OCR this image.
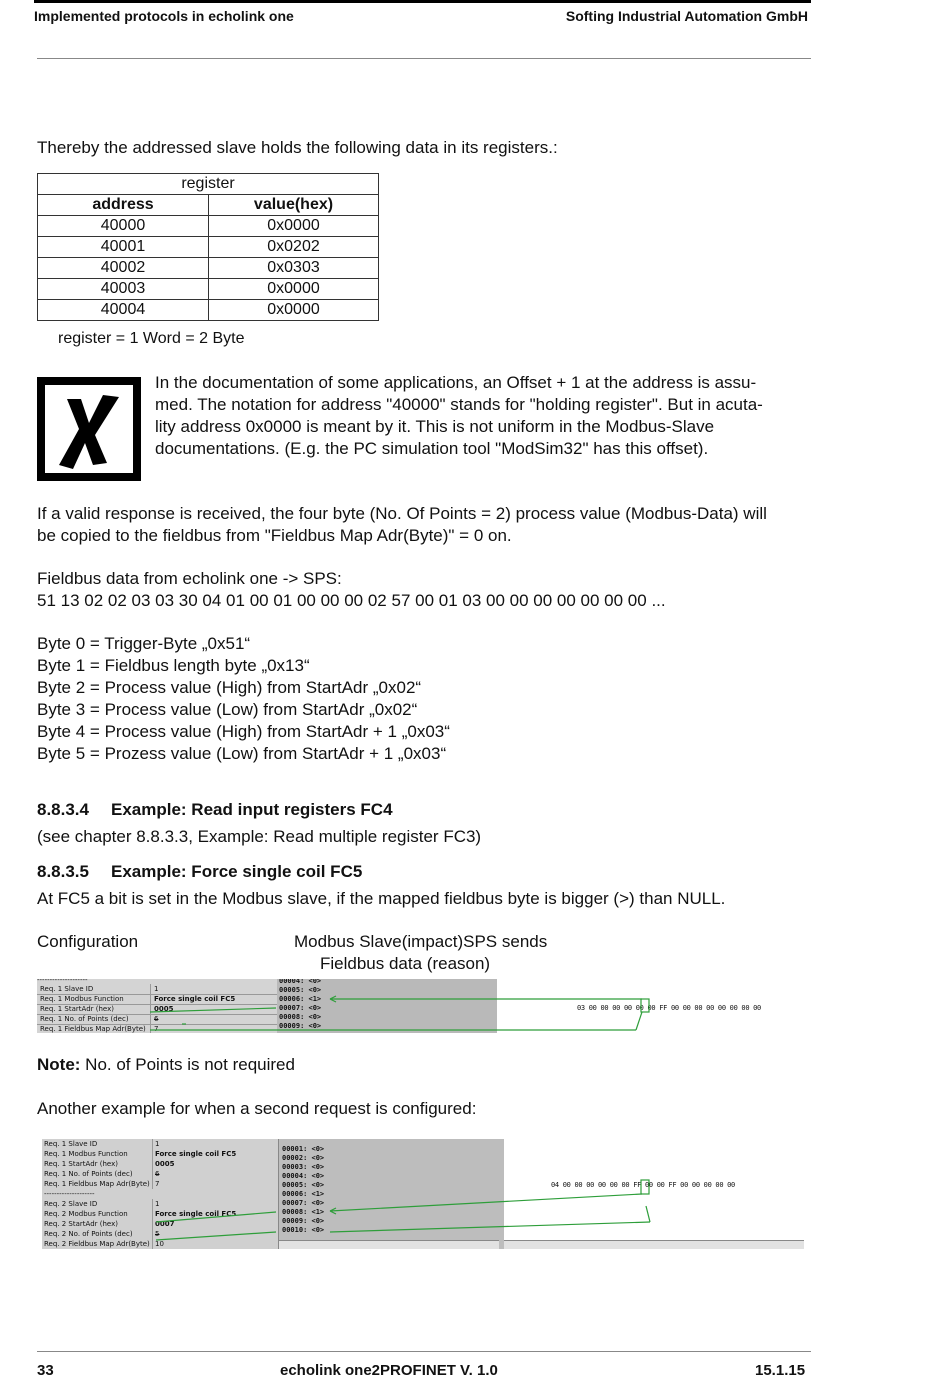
Implemented protocols in echolink one	Softing Industrial Automation GmbH
Thereby the addressed slave holds the following data in its registers.:
register	
address	value(hex)
40000	0x0000
40001	0x0202
40002	0x0303
40003	0x0000
40004	0x0000
register = 1 Word = 2 Byte
In the documentation of some applications, an Offset + 1 at the address is assu-
med. The notation for address "40000" stands for "holding register". But in acuta-
lity address 0x0000 is meant by it. This is not uniform in the Modbus-Slave
documentations. (E.g. the PC simulation tool "ModSim32" has this offset).
If a valid response is received, the four byte (No. Of Points = 2) process value (Modbus-Data) will
be copied to the fieldbus from "Fieldbus Map Adr(Byte)" = 0 on.
Fieldbus data from echolink one -> SPS:
51 13 02 02 03 03 30 04 01 00 01 00 00 00 02 57 00 01 03 00 00 00 00 00 00 00 ...
Byte 0 = Trigger-Byte „0x51“
Byte 1 = Fieldbus length byte „0x13“
Byte 2 = Process value (High) from StartAdr „0x02“
Byte 3 = Process value (Low) from StartAdr „0x02“
Byte 4 = Process value (High) from StartAdr + 1 „0x03“
Byte 5 = Prozess value (Low) from StartAdr + 1 „0x03“
8.8.3.4 Example: Read input registers FC4
(see chapter 8.8.3.3, Example: Read multiple register FC3)
8.8.3.5 Example: Force single coil FC5
At FC5 a bit is set in the Modbus slave, if the mapped fieldbus byte is bigger (>) than NULL.
Configuration	Modbus Slave(impact)SPS sends
Fieldbus data (reason)
--------------------
Req. 1 Slave ID	1
Req. 1 Modbus Function	Force single coil FC5
Req. 1 StartAdr (hex)	0005
Req. 1 No. of Points (dec)	6
Req. 1 Fieldbus Map Adr(Byte) 7
00004: <0>
00005: <0>
00006: <1>
00007: <0>
00008: <0>
00009: <0>
03 00 00 00 00 00 00 FF 00 00 00 00 00 00 00 00
Note: No. of Points is not required
Another example for when a second request is configured:
Req. 1 Slave ID	1
Req. 1 Modbus Function	Force single coil FC5
Req. 1 StartAdr (hex)	0005
Req. 1 No. of Points (dec)	6
Req. 1 Fieldbus Map Adr(Byte) 7
--------------------
Req. 2 Slave ID	1
Req. 2 Modbus Function	Force single coil FC5
Req. 2 StartAdr (hex)	0007
Req. 2 No. of Points (dec)	5
Req. 2 Fieldbus Map Adr(Byte) 10
00001: <0>
00002: <0>
00003: <0>
00004: <0>
00005: <0>
00006: <1>
00007: <0>
00008: <1>
00009: <0>
00010: <0>
04 00 00 00 00 00 00 FF 00 00 FF 00 00 00 00 00
33	echolink one2PROFINET V. 1.0	15.1.15
